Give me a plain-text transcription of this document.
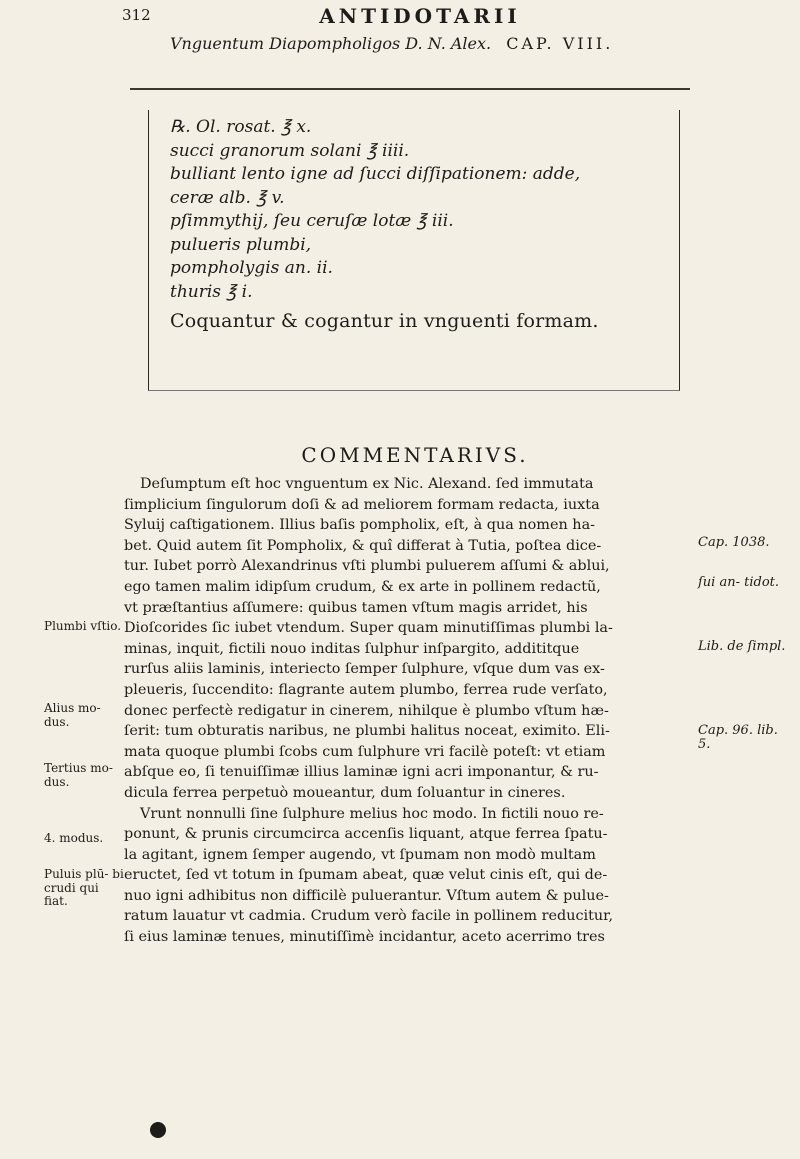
312	ANTIDOTARII
Vnguentum Diapompholigos D. N. Alex. CAP. VIII.
℞. Ol. rosat. ℥ x.
succi granorum solani ℥ iiii.
bulliant lento igne ad ſucci diſſipationem: adde,
ceræ alb. ℥ v.
pſimmythij, ſeu ceruſæ lotæ ℥ iii.
pulueris plumbi,
pompholygis an. ii.
thuris ℥ i.
Coquantur & cogantur in vnguenti formam.
COMMENTARIVS.
Deſumptum eſt hoc vnguentum ex Nic. Alexand. ſed immutata
ſimplicium ſingulorum doſi & ad meliorem formam redacta, iuxta
Syluij caſtigationem. Illius baſis pompholix, eſt, à qua nomen ha-
bet. Quid autem ſit Pompholix, & quî differat à Tutia, poſtea dice-
tur. Iubet porrò Alexandrinus vſti plumbi puluerem aſſumi & ablui,
ego tamen malim idipſum crudum, & ex arte in pollinem redactũ,
vt præſtantius aſſumere: quibus tamen vſtum magis arridet, his
Dioſcorides ſic iubet vtendum. Super quam minutiſſimas plumbi la-
minas, inquit, fictili nouo inditas ſulphur inſpargito, addititque
rurſus aliis laminis, interiecto ſemper ſulphure, vſque dum vas ex-
pleueris, ſuccendito: flagrante autem plumbo, ferrea rude verſato,
donec perfectè redigatur in cinerem, nihilque è plumbo vſtum hæ-
ſerit: tum obturatis naribus, ne plumbi halitus noceat, eximito. Eli-
mata quoque plumbi ſcobs cum ſulphure vri facilè poteſt: vt etiam
abſque eo, ſi tenuiſſimæ illius laminæ igni acri imponantur, & ru-
dicula ferrea perpetuò moueantur, dum ſoluantur in cineres.
Vrunt nonnulli ſine ſulphure melius hoc modo. In fictili nouo re-
ponunt, & prunis circumcirca accenſis liquant, atque ferrea ſpatu-
la agitant, ignem ſemper augendo, vt ſpumam non modò multam
eructet, ſed vt totum in ſpumam abeat, quæ velut cinis eſt, qui de-
nuo igni adhibitus non difficilè puluerantur. Vſtum autem & pulue-
ratum lauatur vt cadmia. Crudum verò facile in pollinem reducitur,
ſi eius laminæ tenues, minutiſſimè incidantur, aceto acerrimo tres
Plumbi vſtio.
Alius mo- dus.
Tertius mo- dus.
4. modus.
Puluis plū- bi crudi qui fiat.
Cap. 1038.
ſui an- tidot.
Lib. de ſimpl.
Cap. 96. lib. 5.
